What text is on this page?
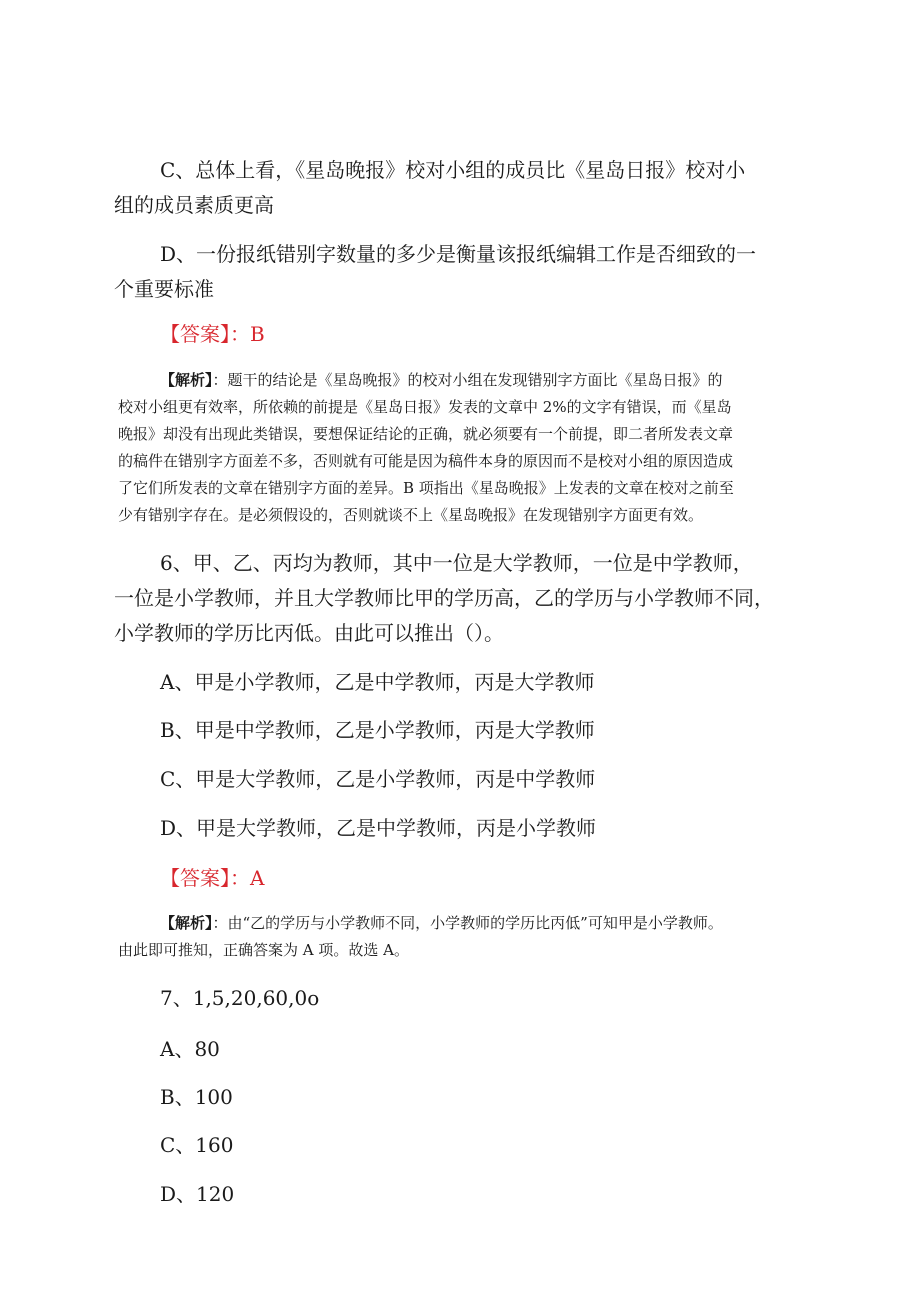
C、总体上看，《星岛晚报》校对小组的成员比《星岛日报》校对小
组的成员素质更高
D、一份报纸错别字数量的多少是衡量该报纸编辑工作是否细致的一
个重要标准
【答案】：B
【解析】：题干的结论是《星岛晚报》的校对小组在发现错别字方面比《星岛日报》的
校对小组更有效率，所依赖的前提是《星岛日报》发表的文章中 2%的文字有错误，而《星岛
晚报》却没有出现此类错误，要想保证结论的正确，就必须要有一个前提，即二者所发表文章
的稿件在错别字方面差不多，否则就有可能是因为稿件本身的原因而不是校对小组的原因造成
了它们所发表的文章在错别字方面的差异。B 项指出《星岛晚报》上发表的文章在校对之前至
少有错别字存在。是必须假设的，否则就谈不上《星岛晚报》在发现错别字方面更有效。
6、甲、乙、丙均为教师，其中一位是大学教师，一位是中学教师，
一位是小学教师，并且大学教师比甲的学历高，乙的学历与小学教师不同，
小学教师的学历比丙低。由此可以推出（）。
A、甲是小学教师，乙是中学教师，丙是大学教师
B、甲是中学教师，乙是小学教师，丙是大学教师
C、甲是大学教师，乙是小学教师，丙是中学教师
D、甲是大学教师，乙是中学教师，丙是小学教师
【答案】：A
【解析】：由“乙的学历与小学教师不同，小学教师的学历比丙低”可知甲是小学教师。
由此即可推知，正确答案为 A 项。故选 A。
7、1,5,20,60,0o
A、80
B、100
C、160
D、120
